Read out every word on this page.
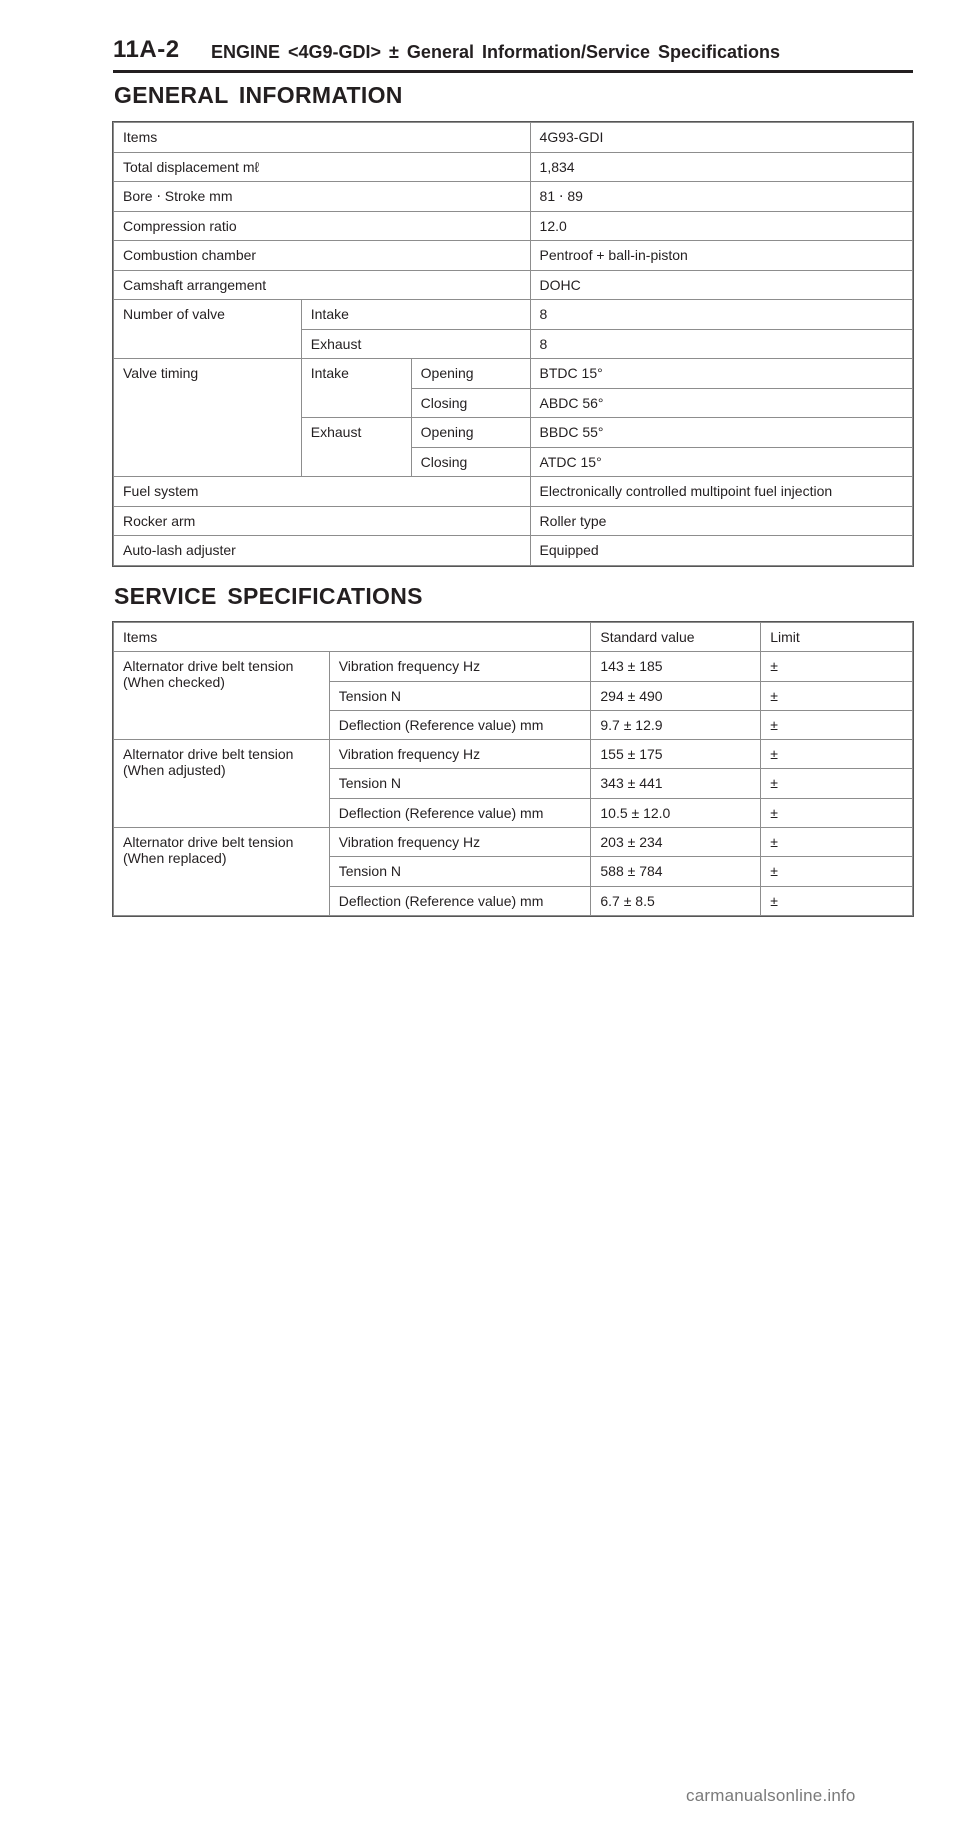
11A-2 ENGINE <4G9-GDI> ± General Information/Service Specifications
GENERAL INFORMATION
Items			4G93-GDI
Total displacement mℓ			1,834
Bore ⋅ Stroke mm			81 ⋅ 89
Compression ratio			12.0
Combustion chamber			Pentroof + ball-in-piston
Camshaft arrangement			DOHC
Number of valve	Intake		8
	Exhaust		8
Valve timing	Intake	Opening	BTDC 15°
		Closing	ABDC 56°
	Exhaust	Opening	BBDC 55°
		Closing	ATDC 15°
Fuel system			Electronically controlled multipoint fuel injection
Rocker arm			Roller type
Auto-lash adjuster			Equipped
SERVICE SPECIFICATIONS
Items		Standard value	Limit
Alternator drive belt tension (When checked)	Vibration frequency Hz	143 ± 185	±
	Tension N	294 ± 490	±
	Deflection (Reference value) mm	9.7 ± 12.9	±
Alternator drive belt tension (When adjusted)	Vibration frequency Hz	155 ± 175	±
	Tension N	343 ± 441	±
	Deflection (Reference value) mm	10.5 ± 12.0	±
Alternator drive belt tension (When replaced)	Vibration frequency Hz	203 ± 234	±
	Tension N	588 ± 784	±
	Deflection (Reference value) mm	6.7 ± 8.5	±
carmanualsonline.info
